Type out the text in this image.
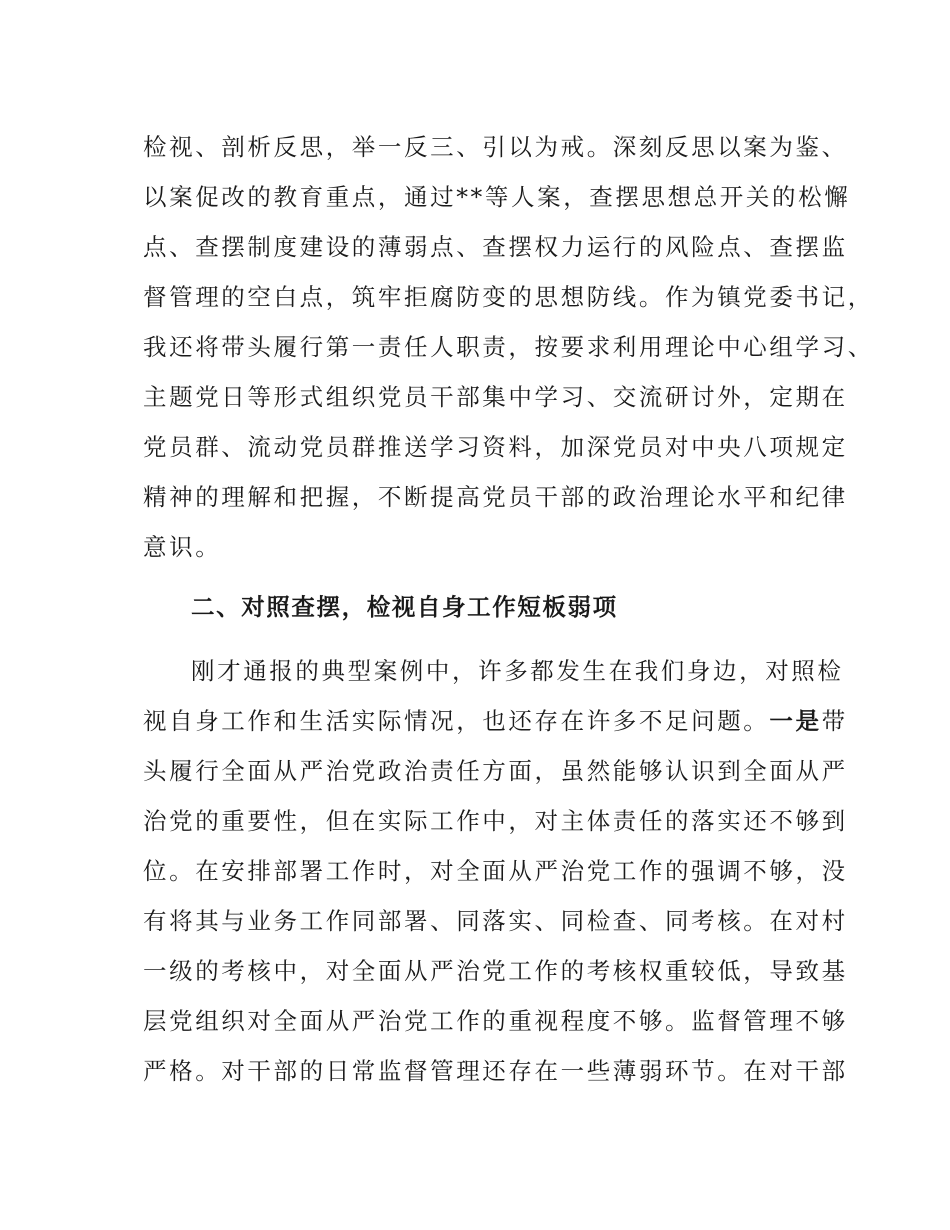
检视、剖析反思，举一反三、引以为戒。深刻反思以案为鉴、
以案促改的教育重点，通过**等人案，查摆思想总开关的松懈
点、查摆制度建设的薄弱点、查摆权力运行的风险点、查摆监
督管理的空白点，筑牢拒腐防变的思想防线。作为镇党委书记，
我还将带头履行第一责任人职责，按要求利用理论中心组学习、
主题党日等形式组织党员干部集中学习、交流研讨外，定期在
党员群、流动党员群推送学习资料，加深党员对中央八项规定
精神的理解和把握，不断提高党员干部的政治理论水平和纪律
意识。
二、对照查摆，检视自身工作短板弱项
刚才通报的典型案例中，许多都发生在我们身边，对照检
视自身工作和生活实际情况，也还存在许多不足问题。一是带
头履行全面从严治党政治责任方面，虽然能够认识到全面从严
治党的重要性，但在实际工作中，对主体责任的落实还不够到
位。在安排部署工作时，对全面从严治党工作的强调不够，没
有将其与业务工作同部署、同落实、同检查、同考核。在对村
一级的考核中，对全面从严治党工作的考核权重较低，导致基
层党组织对全面从严治党工作的重视程度不够。监督管理不够
严格。对干部的日常监督管理还存在一些薄弱环节。在对干部
